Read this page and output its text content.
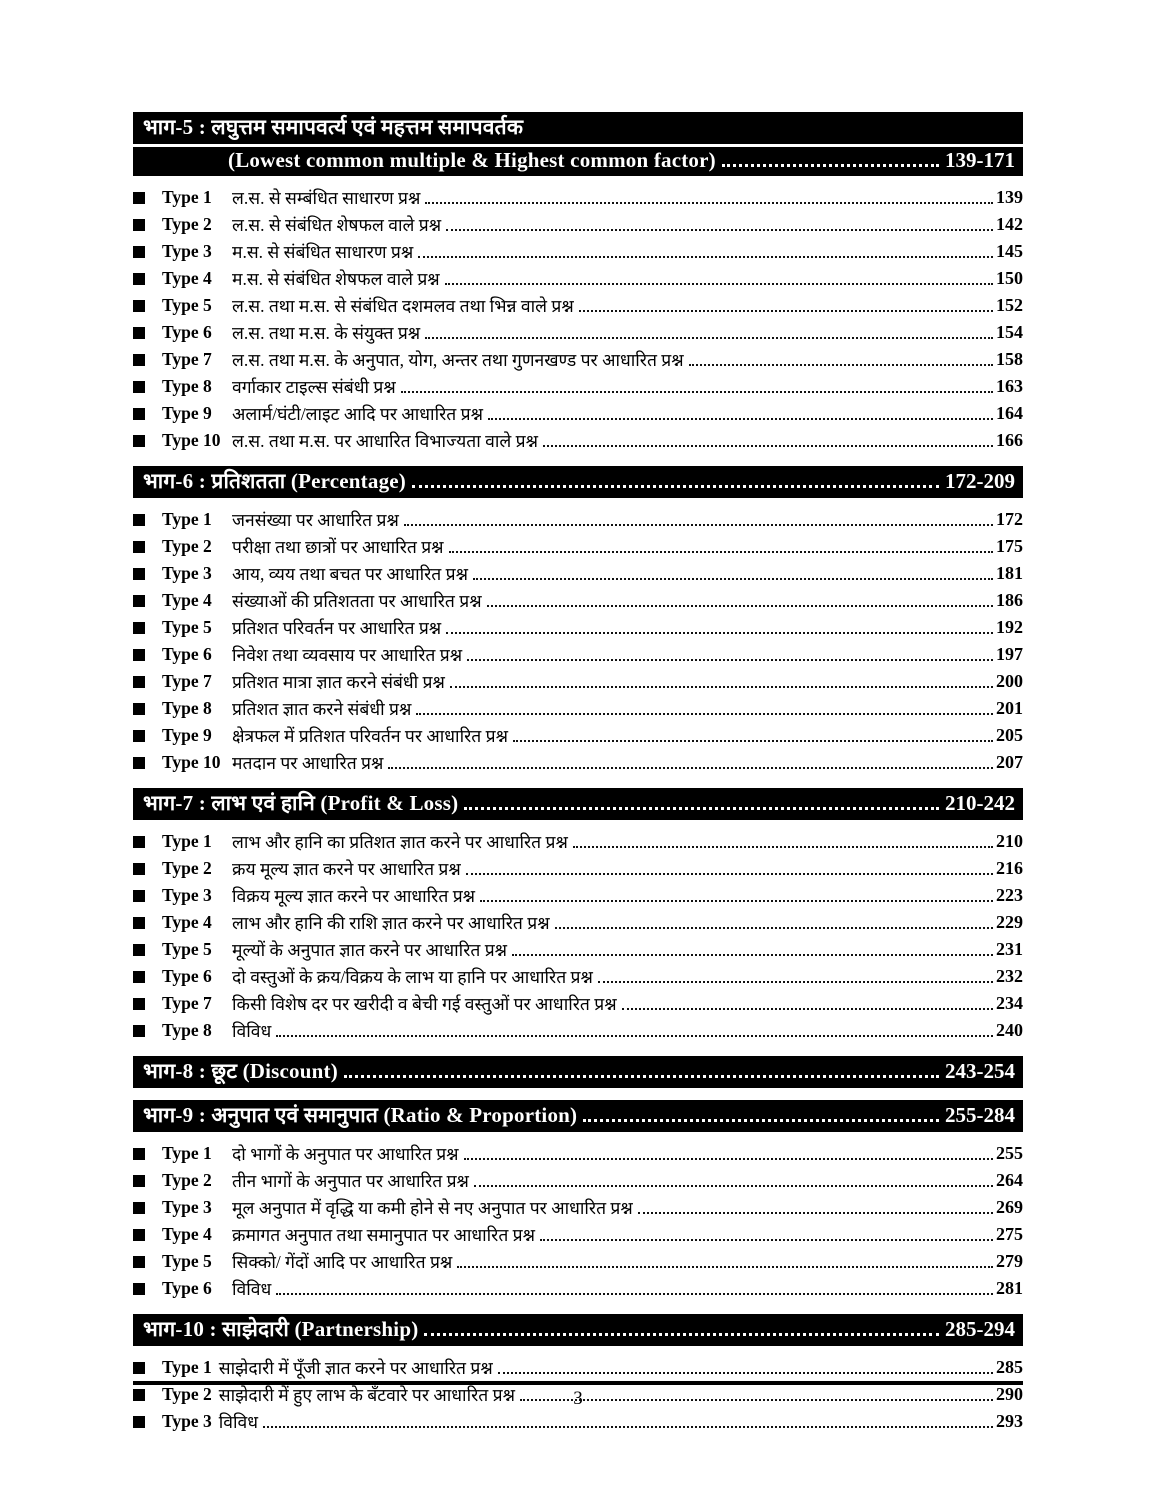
भाग-5 : लघुत्तम समापवर्त्य एवं महत्तम समापवर्तक
(Lowest common multiple & Highest common factor)	139-171
Type 1	ल.स. से सम्बंधित साधारण प्रश्न	139
Type 2	ल.स. से संबंधित शेषफल वाले प्रश्न	142
Type 3	म.स. से संबंधित साधारण प्रश्न	145
Type 4	म.स. से संबंधित शेषफल वाले प्रश्न	150
Type 5	ल.स. तथा म.स. से संबंधित दशमलव तथा भिन्न वाले प्रश्न	152
Type 6	ल.स. तथा म.स. के संयुक्त प्रश्न	154
Type 7	ल.स. तथा म.स. के अनुपात, योग, अन्तर तथा गुणनखण्ड पर आधारित प्रश्न	158
Type 8	वर्गाकार टाइल्स संबंधी प्रश्न	163
Type 9	अलार्म/घंटी/लाइट आदि पर आधारित प्रश्न	164
Type 10 ल.स. तथा म.स. पर आधारित विभाज्यता वाले प्रश्न	166
भाग-6 : प्रतिशतता (Percentage)	172-209
Type 1	जनसंख्या पर आधारित प्रश्न	172
Type 2	परीक्षा तथा छात्रों पर आधारित प्रश्न	175
Type 3	आय, व्यय तथा बचत पर आधारित प्रश्न	181
Type 4	संख्याओं की प्रतिशतता पर आधारित प्रश्न	186
Type 5	प्रतिशत परिवर्तन पर आधारित प्रश्न	192
Type 6	निवेश तथा व्यवसाय पर आधारित प्रश्न	197
Type 7	प्रतिशत मात्रा ज्ञात करने संबंधी प्रश्न	200
Type 8	प्रतिशत ज्ञात करने संबंधी प्रश्न	201
Type 9	क्षेत्रफल में प्रतिशत परिवर्तन पर आधारित प्रश्न	205
Type 10 मतदान पर आधारित प्रश्न	207
भाग-7 : लाभ एवं हानि (Profit & Loss)	210-242
Type 1	लाभ और हानि का प्रतिशत ज्ञात करने पर आधारित प्रश्न	210
Type 2	क्रय मूल्य ज्ञात करने पर आधारित प्रश्न	216
Type 3	विक्रय मूल्य ज्ञात करने पर आधारित प्रश्न	223
Type 4	लाभ और हानि की राशि ज्ञात करने पर आधारित प्रश्न	229
Type 5	मूल्यों के अनुपात ज्ञात करने पर आधारित प्रश्न	231
Type 6	दो वस्तुओं के क्रय/विक्रय के लाभ या हानि पर आधारित प्रश्न	232
Type 7	किसी विशेष दर पर खरीदी व बेची गई वस्तुओं पर आधारित प्रश्न	234
Type 8	विविध	240
भाग-8 : छूट (Discount)	243-254
भाग-9 : अनुपात एवं समानुपात (Ratio & Proportion)	255-284
Type 1	दो भागों के अनुपात पर आधारित प्रश्न	255
Type 2	तीन भागों के अनुपात पर आधारित प्रश्न	264
Type 3	मूल अनुपात में वृद्धि या कमी होने से नए अनुपात पर आधारित प्रश्न	269
Type 4	क्रमागत अनुपात तथा समानुपात पर आधारित प्रश्न	275
Type 5	सिक्को/ गेंदों आदि पर आधारित प्रश्न	279
Type 6	विविध	281
भाग-10 : साझेदारी (Partnership)	285-294
Type 1 साझेदारी में पूँजी ज्ञात करने पर आधारित प्रश्न	285
Type 2 साझेदारी में हुए लाभ के बँटवारे पर आधारित प्रश्न	290
Type 3 विविध	293
3
